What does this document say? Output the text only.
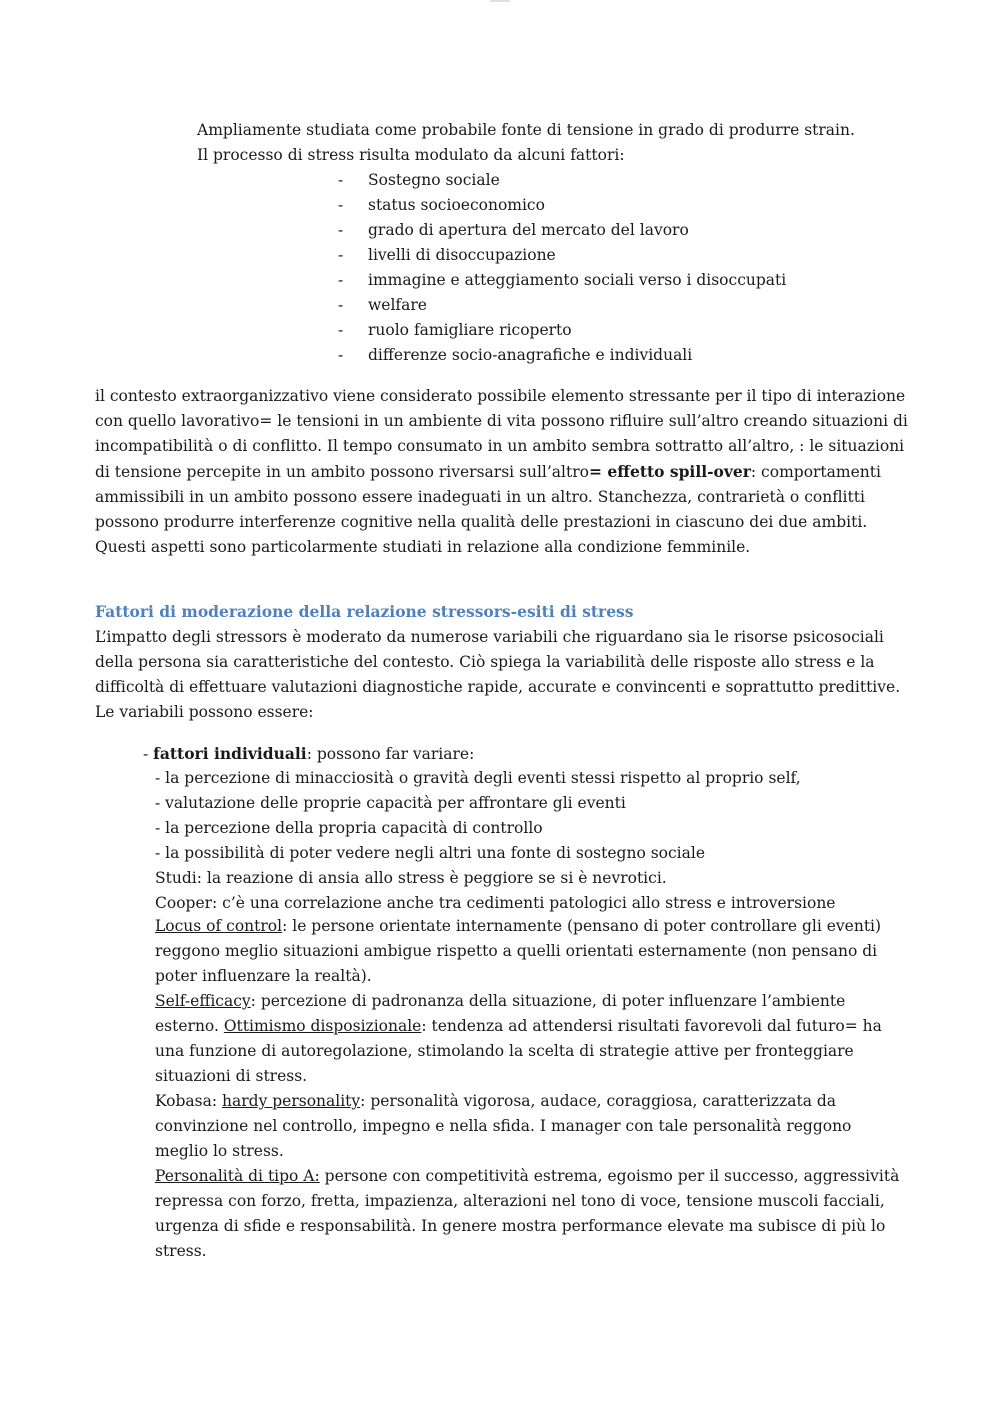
Ampliamente studiata come probabile fonte di tensione in grado di produrre strain.
Il processo di stress risulta modulato da alcuni fattori:
- Sostegno sociale
- status socioeconomico
- grado di apertura del mercato del lavoro
- livelli di disoccupazione
- immagine e atteggiamento sociali verso i disoccupati
- welfare
- ruolo famigliare ricoperto
- differenze socio-anagrafiche e individuali
il contesto extraorganizzativo viene considerato possibile elemento stressante per il tipo di interazione con quello lavorativo= le tensioni in un ambiente di vita possono rifluire sull’altro creando situazioni di incompatibilità o di conflitto. Il tempo consumato in un ambito sembra sottratto all’altro, : le situazioni di tensione percepite in un ambito possono riversarsi sull’altro= effetto spill-over: comportamenti ammissibili in un ambito possono essere inadeguati in un altro. Stanchezza, contrarietà o conflitti possono produrre interferenze cognitive nella qualità delle prestazioni in ciascuno dei due ambiti. Questi aspetti sono particolarmente studiati in relazione alla condizione femminile.
Fattori di moderazione della relazione stressors-esiti di stress
L’impatto degli stressors è moderato da numerose variabili che riguardano sia le risorse psicosociali della persona sia caratteristiche del contesto. Ciò spiega la variabilità delle risposte allo stress e la difficoltà di effettuare valutazioni diagnostiche rapide, accurate e convincenti e soprattutto predittive. Le variabili possono essere:
- fattori individuali: possono far variare:
- la percezione di minacciosità o gravità degli eventi stessi rispetto al proprio self,
- valutazione delle proprie capacità per affrontare gli eventi
- la percezione della propria capacità di controllo
- la possibilità di poter vedere negli altri una fonte di sostegno sociale
Studi: la reazione di ansia allo stress è peggiore se si è nevrotici.
Cooper: c’è una correlazione anche tra cedimenti patologici allo stress e introversione
Locus of control: le persone orientate internamente (pensano di poter controllare gli eventi) reggono meglio situazioni ambigue rispetto a quelli orientati esternamente (non pensano di poter influenzare la realtà).
Self-efficacy: percezione di padronanza della situazione, di poter influenzare l’ambiente esterno. Ottimismo disposizionale: tendenza ad attendersi risultati favorevoli dal futuro= ha una funzione di autoregolazione, stimolando la scelta di strategie attive per fronteggiare situazioni di stress.
Kobasa: hardy personality: personalità vigorosa, audace, coraggiosa, caratterizzata da convinzione nel controllo, impegno e nella sfida. I manager con tale personalità reggono meglio lo stress.
Personalità di tipo A: persone con competitività estrema, egoismo per il successo, aggressività repressa con forzo, fretta, impazienza, alterazioni nel tono di voce, tensione muscoli facciali, urgenza di sfide e responsabilità. In genere mostra performance elevate ma subisce di più lo stress.
